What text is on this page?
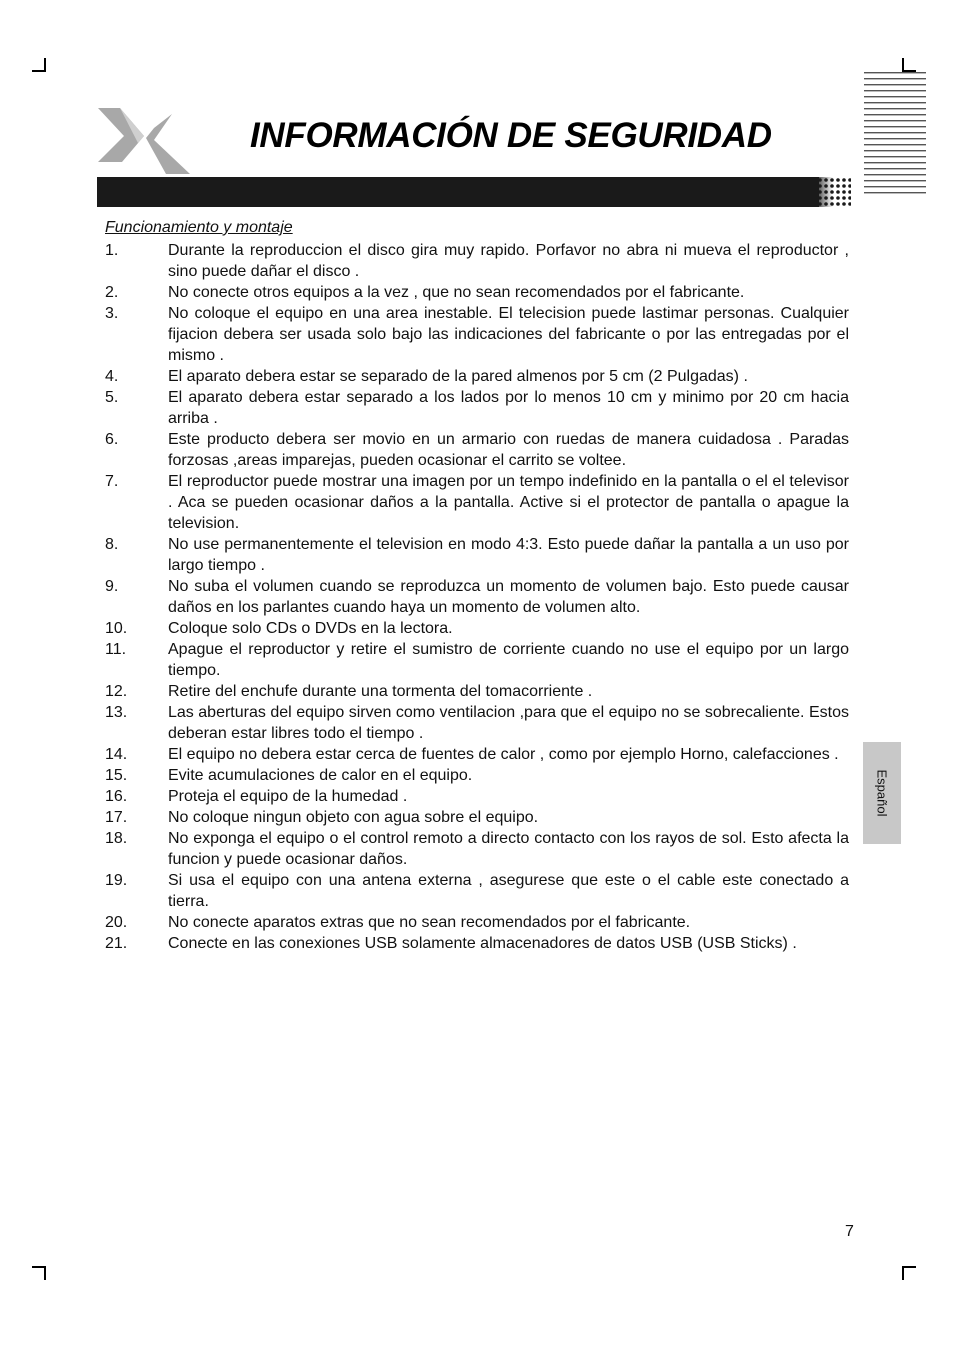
INFORMACIÓN DE SEGURIDAD
Funcionamiento y montaje
1.	Durante la reproduccion el disco gira muy rapido. Porfavor no abra ni mueva el reproductor , sino puede dañar el disco .
2.	No conecte otros equipos a la vez , que no sean recomendados por el fabricante.
3.	No coloque el equipo en una area inestable. El telecision puede lastimar personas. Cualquier fijacion debera ser usada solo bajo las indicaciones del fabricante o por las entregadas por el mismo .
4.	El aparato debera estar se separado de la pared almenos por 5 cm (2 Pulgadas) .
5.	El aparato debera estar separado a los lados por lo menos 10 cm y minimo por 20 cm hacia arriba .
6.	Este producto debera ser movio en un armario con ruedas de manera cuidadosa . Paradas forzosas ,areas imparejas, pueden ocasionar el carrito se voltee.
7.	El reproductor puede mostrar una imagen por un tempo indefinido en la pantalla o el el televisor . Aca se pueden ocasionar daños a la pantalla. Active si el protector de pantalla o apague la television.
8.	No use permanentemente el television en modo 4:3. Esto puede dañar la pantalla a un uso por largo tiempo .
9.	No suba el volumen cuando se reproduzca un momento de volumen bajo. Esto puede causar daños en los parlantes cuando haya un momento de volumen alto.
10.	Coloque solo CDs o DVDs en la lectora.
11.	Apague el reproductor y retire el sumistro de corriente cuando no use el equipo por un largo tiempo.
12.	Retire del enchufe durante una tormenta del tomacorriente .
13.	Las aberturas del equipo sirven como ventilacion ,para que el equipo no se sobrecaliente. Estos deberan estar libres todo el tiempo .
14.	El equipo no debera estar cerca de fuentes de calor , como por ejemplo Horno, calefacciones .
15.	Evite acumulaciones de calor en el equipo.
16.	Proteja el equipo de la humedad .
17.	No coloque ningun objeto con agua sobre el equipo.
18.	No exponga el equipo o el control remoto a directo contacto con los rayos de sol. Esto afecta la funcion y puede ocasionar daños.
19.	Si usa el equipo con una antena externa , asegurese que este o el cable este conectado a tierra.
20.	No conecte aparatos extras que no sean recomendados por el fabricante.
21.	Conecte en las conexiones USB solamente almacenadores de datos USB (USB Sticks) .
Español
7
